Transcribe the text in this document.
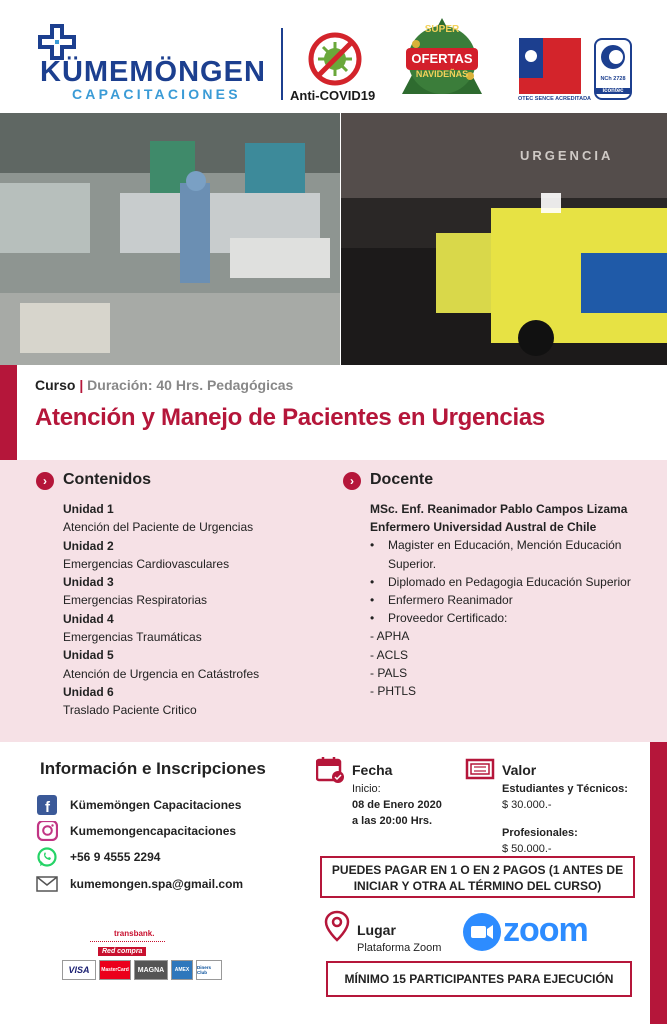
KÜMEMÖNGEN
CAPACITACIONES	Anti-COVID19
SUPER
OFERTAS
NAVIDEÑAS
OTEC SENCE ACREDITADA
NCh 2728
icontec
URGENCIA
Curso | Duración: 40 Hrs. Pedagógicas
Atención y Manejo de Pacientes en Urgencias
›	Contenidos
Unidad 1
Atención del Paciente de Urgencias
Unidad 2
Emergencias Cardiovasculares
Unidad 3
Emergencias Respiratorias
Unidad 4
Emergencias Traumáticas
Unidad 5
Atención de Urgencia en Catástrofes
Unidad 6
Traslado Paciente Critico
›	Docente
MSc. Enf. Reanimador Pablo Campos Lizama
Enfermero Universidad Austral de Chile
•	Magister en Educación, Mención Educación Superior.
•	Diplomado en Pedagogia Educación Superior
•	Enfermero Reanimador
•	Proveedor Certificado:
- APHA
- ACLS
- PALS
- PHTLS
Información e Inscripciones
f Kümemöngen Capacitaciones
Kumemongencapacitaciones
+56 9 4555 2294
kumemongen.spa@gmail.com
Fecha
Inicio:
08 de Enero 2020
a las 20:00 Hrs.
Valor
Estudiantes y Técnicos:
$ 30.000.-
Profesionales:
$ 50.000.-
PUEDES PAGAR EN 1 O EN 2 PAGOS (1 ANTES DE INICIAR Y OTRA AL TÉRMINO DEL CURSO)
Lugar
Plataforma Zoom zoom
MÍNIMO 15 PARTICIPANTES PARA EJECUCIÓN
transbank.
Red compra
VISA	MasterCard	MAGNA	AMEX	Diners Club
